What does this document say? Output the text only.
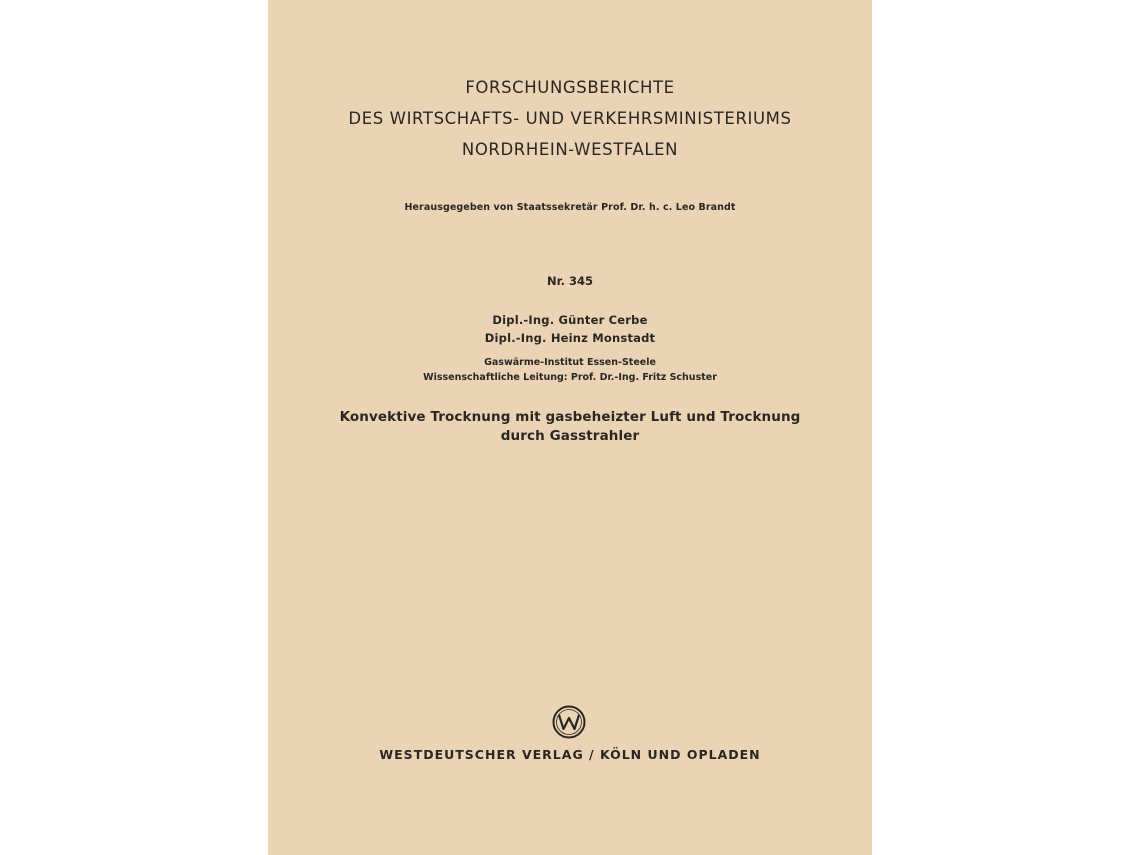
FORSCHUNGSBERICHTE
DES WIRTSCHAFTS- UND VERKEHRSMINISTERIUMS
NORDRHEIN-WESTFALEN
Herausgegeben von Staatssekretär Prof. Dr. h. c. Leo Brandt
Nr. 345
Dipl.-Ing. Günter Cerbe
Dipl.-Ing. Heinz Monstadt
Gaswärme-Institut Essen-Steele
Wissenschaftliche Leitung: Prof. Dr.-Ing. Fritz Schuster
Konvektive Trocknung mit gasbeheizter Luft und Trocknung
durch Gasstrahler
WESTDEUTSCHER VERLAG / KÖLN UND OPLADEN
